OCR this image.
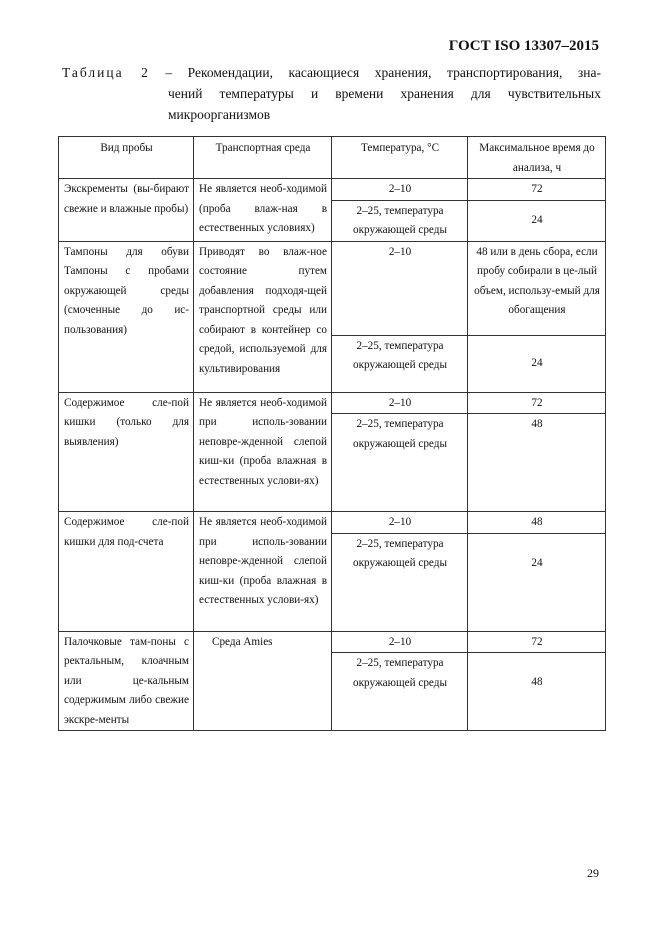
ГОСТ ISO 13307–2015
Таблица 2 – Рекомендации, касающиеся хранения, транспортирования, зна-
чений температуры и времени хранения для чувствительных
микроорганизмов
Вид пробы	Транспортная среда	Температура, °С	Максимальное время до анализа, ч
Экскременты (вы-бирают свежие и влажные пробы)	Не является необ-ходимой (проба влаж-ная в естественных условиях)	2–10	72
		2–25, температура окружающей среды	24
Тампоны для обуви Тампоны с пробами окружающей среды (смоченные до ис-пользования)	Приводят во влаж-ное состояние путем добавления подходя-щей транспортной среды или собирают в контейнер со средой, используемой для культивирования	2–10	48 или в день сбора, если пробу собирали в це-лый объем, использу-емый для обогащения
		2–25, температура окружающей среды	24
Содержимое сле-пой кишки (только для выявления)	Не является необ-ходимой при исполь-зовании неповре-жденной слепой киш-ки (проба влажная в естественных услови-ях)	2–10	72
		2–25, температура окружающей среды	48
Содержимое сле-пой кишки для под-счета	Не является необ-ходимой при исполь-зовании неповре-жденной слепой киш-ки (проба влажная в естественных услови-ях)	2–10	48
		2–25, температура окружающей среды	24
Палочковые там-поны с ректальным, клоачным или це-кальным содержимым либо свежие экскре-менты	Среда Amies	2–10	72
		2–25, температура окружающей среды	48
29
